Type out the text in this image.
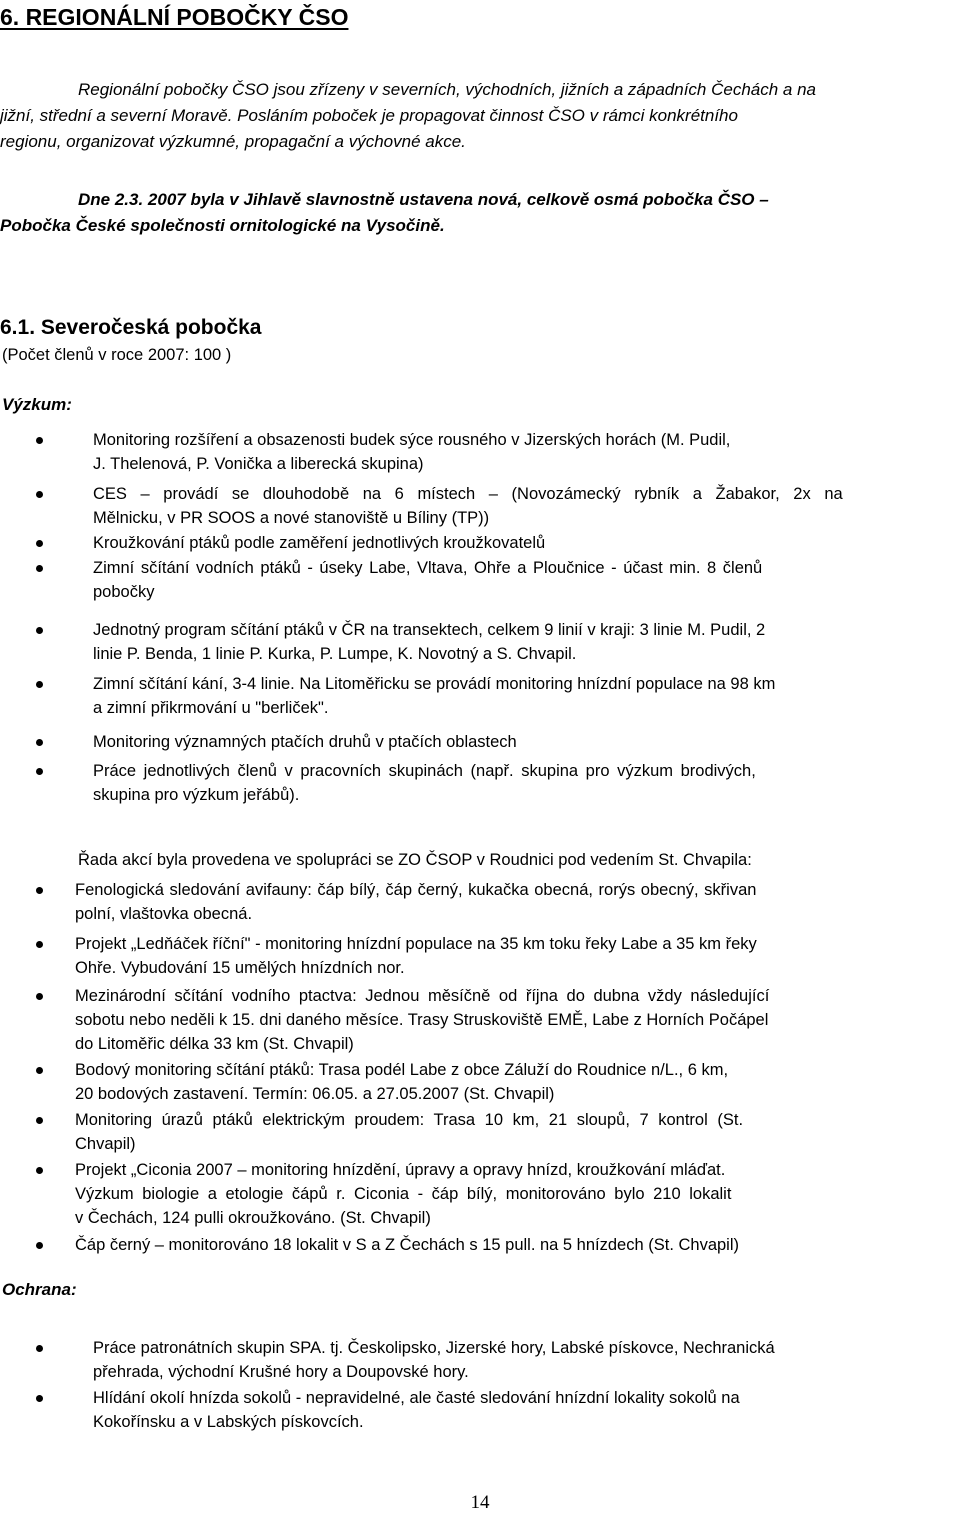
6. REGIONÁLNÍ POBOČKY ČSO
Regionální pobočky ČSO jsou zřízeny v severních, východních, jižních a západních Čechách a na
jižní, střední a severní Moravě. Posláním poboček je propagovat činnost ČSO v rámci konkrétního
regionu, organizovat výzkumné, propagační a výchovné akce.
Dne 2.3. 2007 byla v Jihlavě slavnostně ustavena nová, celkově osmá pobočka ČSO –
Pobočka České společnosti ornitologické na Vysočině.
6.1. Severočeská pobočka
(Počet členů v roce 2007: 100 )
Výzkum:
Monitoring rozšíření a obsazenosti budek sýce rousného v Jizerských horách (M. Pudil,
J. Thelenová, P. Vonička a liberecká skupina)
CES – provádí se dlouhodobě na 6 místech – (Novozámecký rybník a Žabakor, 2x na
Mělnicku, v PR SOOS a nové stanoviště u Bíliny (TP))
Kroužkování ptáků podle zaměření jednotlivých kroužkovatelů
Zimní sčítání vodních ptáků - úseky Labe, Vltava, Ohře a Ploučnice - účast min. 8 členů
pobočky
Jednotný program sčítání ptáků v ČR na transektech, celkem 9 linií v kraji: 3 linie M. Pudil, 2
linie P. Benda, 1 linie P. Kurka, P. Lumpe, K. Novotný a S. Chvapil.
Zimní sčítání kání, 3-4 linie. Na Litoměřicku se provádí monitoring hnízdní populace na 98 km
a zimní přikrmování u "berliček".
Monitoring významných ptačích druhů v ptačích oblastech
Práce jednotlivých členů v pracovních skupinách (např. skupina pro výzkum brodivých,
skupina pro výzkum jeřábů).
Řada akcí byla provedena ve spolupráci se ZO ČSOP v Roudnici pod vedením St. Chvapila:
Fenologická sledování avifauny: čáp bílý, čáp černý, kukačka obecná, rorýs obecný, skřivan
polní, vlaštovka obecná.
Projekt „Ledňáček říční" - monitoring hnízdní populace na 35 km toku řeky Labe a 35 km řeky
Ohře. Vybudování 15 umělých hnízdních nor.
Mezinárodní sčítání vodního ptactva: Jednou měsíčně od října do dubna vždy následující
sobotu nebo neděli k 15. dni daného měsíce. Trasy Struskoviště EMĚ, Labe z Horních Počápel
do Litoměřic délka 33 km (St. Chvapil)
Bodový monitoring sčítání ptáků: Trasa podél Labe z obce Záluží do Roudnice n/L., 6 km,
20 bodových zastavení. Termín: 06.05. a 27.05.2007 (St. Chvapil)
Monitoring úrazů ptáků elektrickým proudem: Trasa 10 km, 21 sloupů, 7 kontrol (St.
Chvapil)
Projekt „Ciconia 2007 – monitoring hnízdění, úpravy a opravy hnízd, kroužkování mláďat.
Výzkum biologie a etologie čápů r. Ciconia - čáp bílý, monitorováno bylo 210 lokalit
v Čechách, 124 pulli okroužkováno. (St. Chvapil)
Čáp černý – monitorováno 18 lokalit v S a Z Čechách s 15 pull. na 5 hnízdech (St. Chvapil)
Ochrana:
Práce patronátních skupin SPA. tj. Českolipsko, Jizerské hory, Labské pískovce, Nechranická
přehrada, východní Krušné hory a Doupovské hory.
Hlídání okolí hnízda sokolů - nepravidelné, ale časté sledování hnízdní lokality sokolů na
Kokořínsku a v Labských pískovcích.
14
